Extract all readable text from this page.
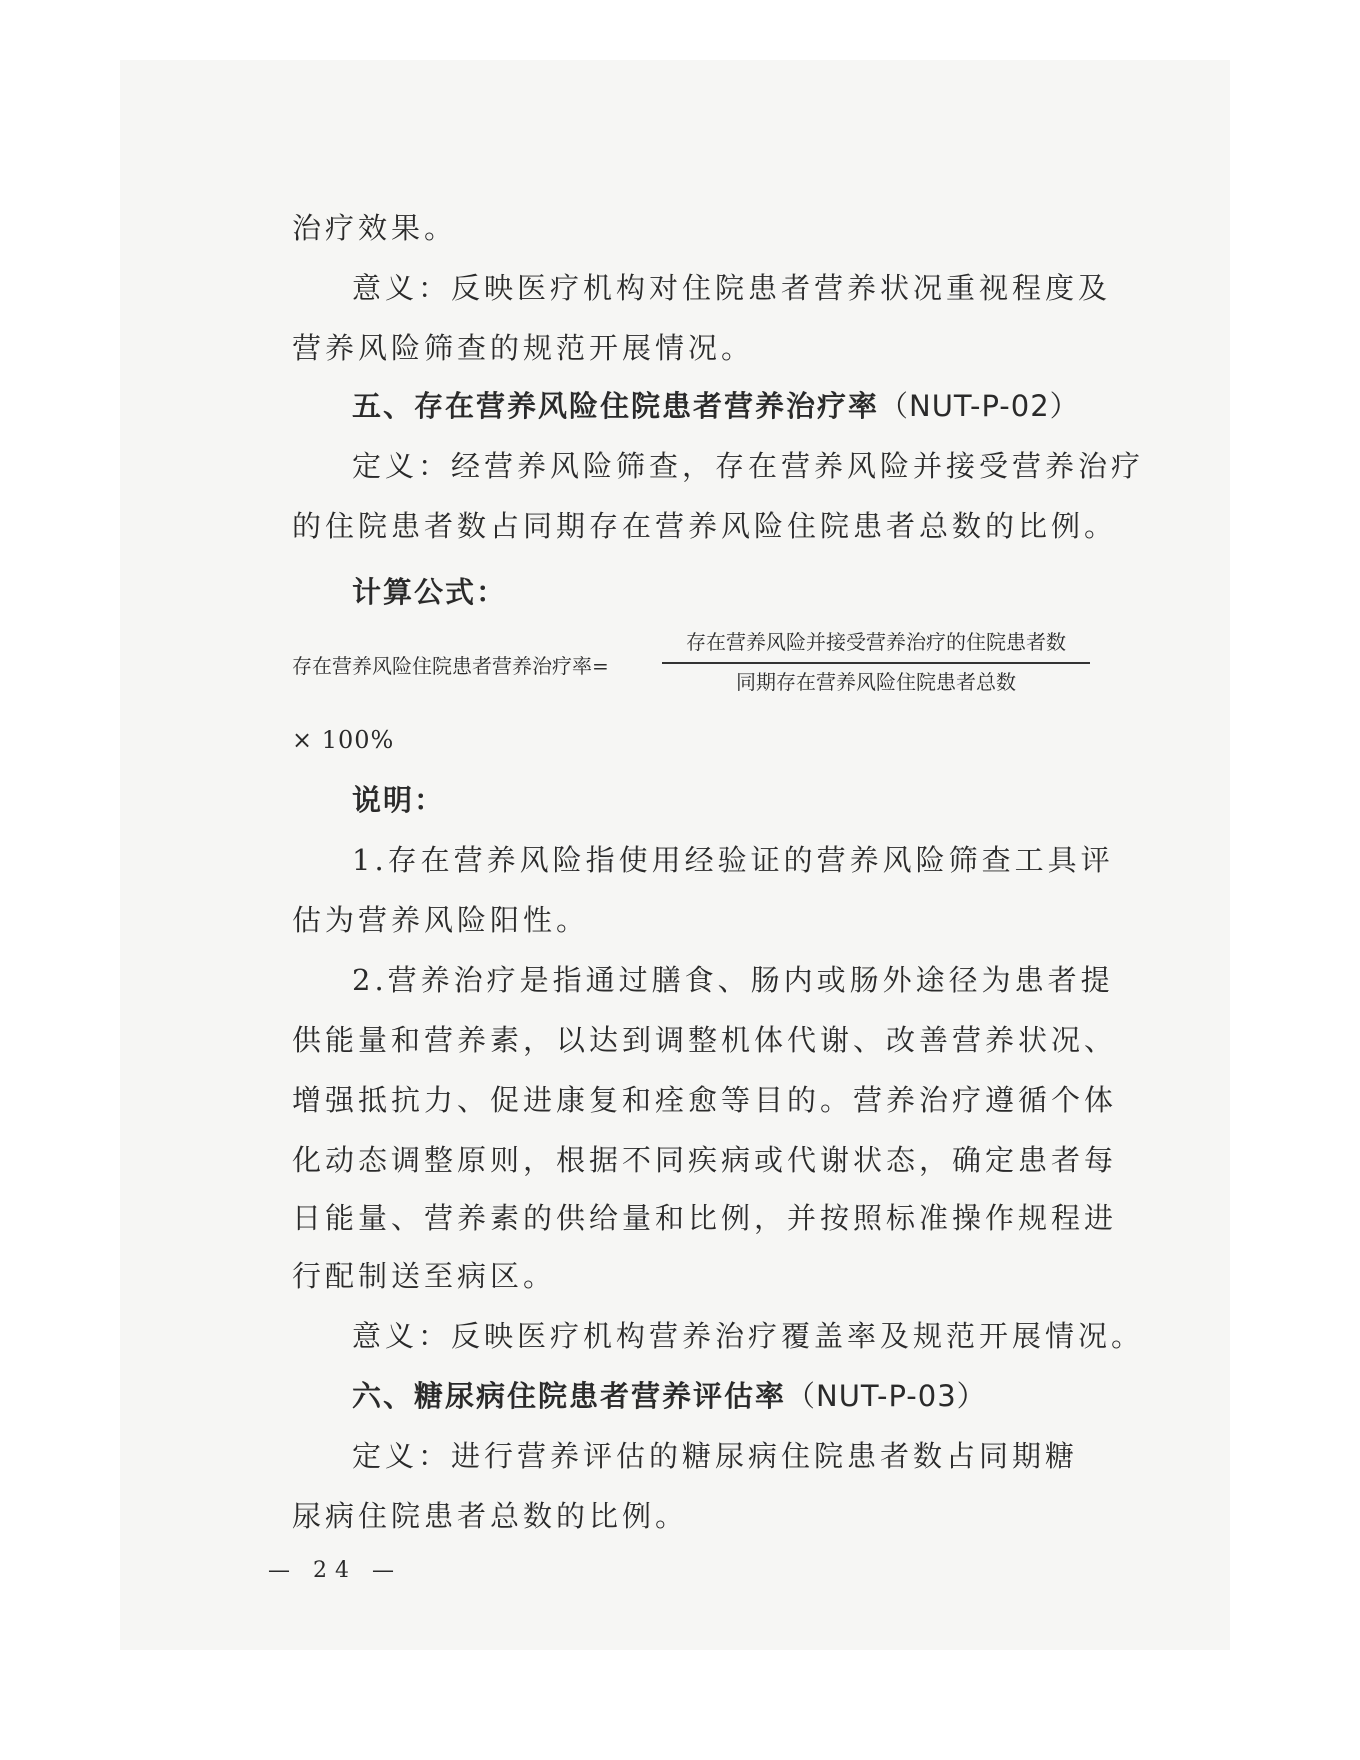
治疗效果。
意义：反映医疗机构对住院患者营养状况重视程度及
营养风险筛查的规范开展情况。
五、存在营养风险住院患者营养治疗率（NUT-P-02）
定义：经营养风险筛查，存在营养风险并接受营养治疗
的住院患者数占同期存在营养风险住院患者总数的比例。
计算公式：
存在营养风险住院患者营养治疗率=
存在营养风险并接受营养治疗的住院患者数
同期存在营养风险住院患者总数
× 100%
说明：
1.存在营养风险指使用经验证的营养风险筛查工具评
估为营养风险阳性。
2.营养治疗是指通过膳食、肠内或肠外途径为患者提
供能量和营养素，以达到调整机体代谢、改善营养状况、
增强抵抗力、促进康复和痊愈等目的。营养治疗遵循个体
化动态调整原则，根据不同疾病或代谢状态，确定患者每
日能量、营养素的供给量和比例，并按照标准操作规程进
行配制送至病区。
意义：反映医疗机构营养治疗覆盖率及规范开展情况。
六、糖尿病住院患者营养评估率（NUT-P-03）
定义：进行营养评估的糖尿病住院患者数占同期糖
尿病住院患者总数的比例。
— 24 —
